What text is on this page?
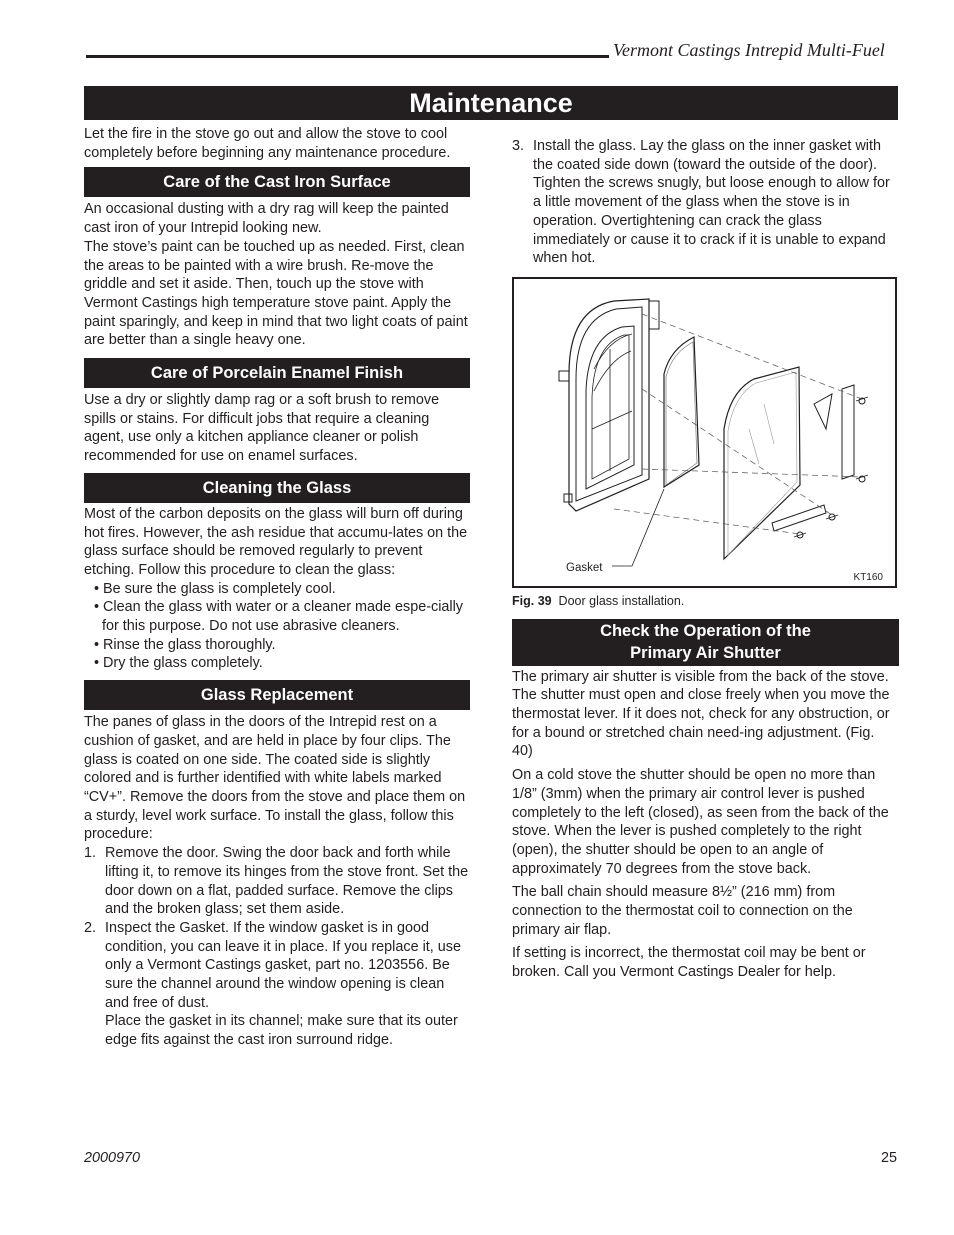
Vermont Castings Intrepid Multi-Fuel
Maintenance

Let the fire in the stove go out and allow the stove to cool completely before beginning any maintenance procedure.

Care of the Cast Iron Surface

An occasional dusting with a dry rag will keep the painted cast iron of your Intrepid looking new.

The stove’s paint can be touched up as needed. First, clean the areas to be painted with a wire brush. Re-move the griddle and set it aside. Then, touch up the stove with Vermont Castings high temperature stove paint. Apply the paint sparingly, and keep in mind that two light coats of paint are better than a single heavy one.

Care of Porcelain Enamel Finish

Use a dry or slightly damp rag or a soft brush to remove spills or stains. For difficult jobs that require a cleaning agent, use only a kitchen appliance cleaner or polish recommended for use on enamel surfaces.

Cleaning the Glass

Most of the carbon deposits on the glass will burn off during hot fires. However, the ash residue that accumu-lates on the glass surface should be removed regularly to prevent etching. Follow this procedure to clean the glass:

• Be sure the glass is completely cool.
• Clean the glass with water or a cleaner made espe-cially for this purpose. Do not use abrasive cleaners.
• Rinse the glass thoroughly.
• Dry the glass completely.
Glass Replacement

The panes of glass in the doors of the Intrepid rest on a cushion of gasket, and are held in place by four clips. The glass is coated on one side. The coated side is slightly colored and is further identified with white labels marked “CV+”. Remove the doors from the stove and place them on a sturdy, level work surface. To install the glass, follow this procedure:

1. Remove the door. Swing the door back and forth while lifting it, to remove its hinges from the stove front. Set the door down on a flat, padded surface. Remove the clips and the broken glass; set them aside.
2. Inspect the Gasket. If the window gasket is in good condition, you can leave it in place. If you replace it, use only a Vermont Castings gasket, part no. 1203556. Be sure the channel around the window opening is clean and free of dust.
Place the gasket in its channel; make sure that its outer edge fits against the cast iron surround ridge.
3. Install the glass. Lay the glass on the inner gasket with the coated side down (toward the outside of the door). Tighten the screws snugly, but loose enough to allow for a little movement of the glass when the stove is in operation. Overtightening can crack the glass immediately or cause it to crack if it is unable to expand when hot.
Gasket
KT160
Fig. 39 Door glass installation.
Check the Operation of the
Primary Air Shutter

The primary air shutter is visible from the back of the stove. The shutter must open and close freely when you move the thermostat lever. If it does not, check for any obstruction, or for a bound or stretched chain need-ing adjustment. (Fig. 40)

On a cold stove the shutter should be open no more than 1/8” (3mm) when the primary air control lever is pushed completely to the left (closed), as seen from the back of the stove. When the lever is pushed completely to the right (open), the shutter should be open to an angle of approximately 70 degrees from the stove back.

The ball chain should measure 8½” (216 mm) from connection to the thermostat coil to connection on the primary air flap.

If setting is incorrect, the thermostat coil may be bent or broken. Call you Vermont Castings Dealer for help.

2000970	25
